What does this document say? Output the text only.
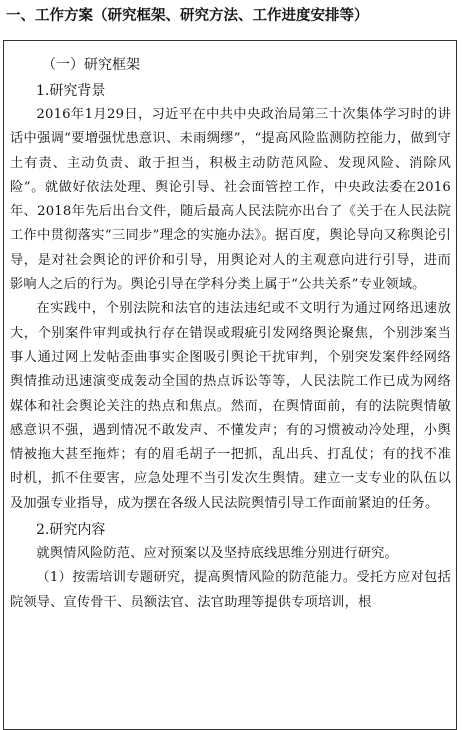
一、工作方案（研究框架、研究方法、工作进度安排等）
（一）研究框架
1.研究背景

2016年1月29日，习近平在中共中央政治局第三十次集体学习时的讲话中强调“要增强忧患意识、未雨绸缪”，“提高风险监测防控能力，做到守土有责、主动负责、敢于担当，积极主动防范风险、发现风险、消除风险”。就做好依法处理、舆论引导、社会面管控工作，中央政法委在2016年、2018年先后出台文件，随后最高人民法院亦出台了《关于在人民法院工作中贯彻落实“三同步”理念的实施办法》。据百度，舆论导向又称舆论引导，是对社会舆论的评价和引导，用舆论对人的主观意向进行引导，进而影响人之后的行为。舆论引导在学科分类上属于“公共关系”专业领域。

在实践中，个别法院和法官的违法违纪或不文明行为通过网络迅速放大，个别案件审判或执行存在错误或瑕疵引发网络舆论聚焦，个别涉案当事人通过网上发帖歪曲事实企图吸引舆论干扰审判，个别突发案件经网络舆情推动迅速演变成轰动全国的热点诉讼等等，人民法院工作已成为网络媒体和社会舆论关注的热点和焦点。然而，在舆情面前，有的法院舆情敏感意识不强，遇到情况不敢发声、不懂发声；有的习惯被动冷处理，小舆情被拖大甚至拖炸；有的眉毛胡子一把抓，乱出兵、打乱仗；有的找不准时机，抓不住要害，应急处理不当引发次生舆情。建立一支专业的队伍以及加强专业指导，成为摆在各级人民法院舆情引导工作面前紧迫的任务。

2.研究内容

就舆情风险防范、应对预案以及坚持底线思维分别进行研究。

（1）按需培训专题研究，提高舆情风险的防范能力。受托方应对包括院领导、宣传骨干、员额法官、法官助理等提供专项培训，根
